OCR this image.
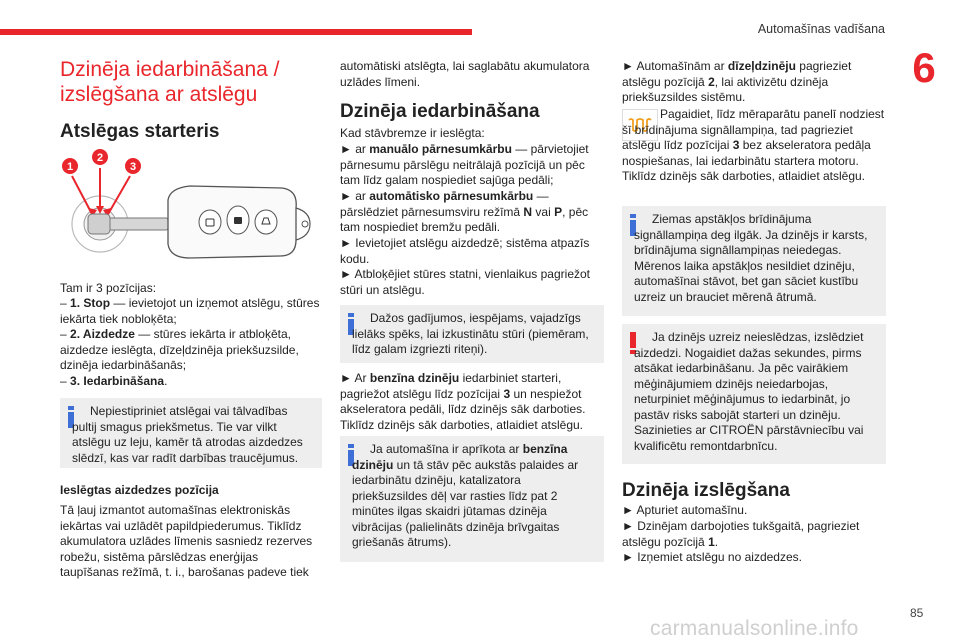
Automašīnas vadīšana
6
85
carmanualsonline.info
Dzinēja iedarbināšana /
izslēgšana ar atslēgu
Atslēgas starteris
1
2
3

Tam ir 3 pozīcijas:

– 1. Stop — ievietojot un izņemot atslēgu, stūres iekārta tiek nobloķēta;

– 2. Aizdedze — stūres iekārta ir atbloķēta, aizdedze ieslēgta, dīzeļdzinēja priekšuzsilde, dzinēja iedarbināšanās;

– 3. Iedarbināšana.

Nepiestipriniet atslēgai vai tālvadības pultij smagus priekšmetus. Tie var vilkt atslēgu uz leju, kamēr tā atrodas aizdedzes slēdzī, kas var radīt darbības traucējumus.

Ieslēgtas aizdedzes pozīcija

Tā ļauj izmantot automašīnas elektroniskās iekārtas vai uzlādēt papildpiederumus. Tiklīdz akumulatora uzlādes līmenis sasniedz rezerves robežu, sistēma pārslēdzas enerģijas taupīšanas režīmā, t. i., barošanas padeve tiek

automātiski atslēgta, lai saglabātu akumulatora uzlādes līmeni.

Dzinēja iedarbināšana

Kad stāvbremze ir ieslēgta:

► ar manuālo pārnesumkārbu — pārvietojiet pārnesumu pārslēgu neitrālajā pozīcijā un pēc tam līdz galam nospiediet sajūga pedāli;

► ar automātisko pārnesumkārbu — pārslēdziet pārnesumsviru režīmā N vai P, pēc tam nospiediet bremžu pedāli.

► Ievietojiet atslēgu aizdedzē; sistēma atpazīs kodu.

► Atbloķējiet stūres statni, vienlaikus pagriežot stūri un atslēgu.

Dažos gadījumos, iespējams, vajadzīgs lielāks spēks, lai izkustinātu stūri (piemēram, līdz galam izgriezti riteņi).

► Ar benzīna dzinēju iedarbiniet starteri, pagriežot atslēgu līdz pozīcijai 3 un nespiežot akseleratora pedāli, līdz dzinējs sāk darboties. Tiklīdz dzinējs sāk darboties, atlaidiet atslēgu.

Ja automašīna ir aprīkota ar benzīna dzinēju un tā stāv pēc aukstās palaides ar iedarbinātu dzinēju, katalizatora priekšuzsildes dēļ var rasties līdz pat 2 minūtes ilgas skaidri jūtamas dzinēja vibrācijas (palielināts dzinēja brīvgaitas griešanās ātrums).

► Automašīnām ar dīzeļdzinēju pagrieziet atslēgu pozīcijā 2, lai aktivizētu dzinēja priekšuzsildes sistēmu.

Pagaidiet, līdz mēraparātu panelī nodziest šī brīdinājuma signāllampiņa, tad pagrieziet atslēgu līdz pozīcijai 3 bez akseleratora pedāļa nospiešanas, lai iedarbinātu startera motoru. Tiklīdz dzinējs sāk darboties, atlaidiet atslēgu.

Ziemas apstākļos brīdinājuma signāllampiņa deg ilgāk. Ja dzinējs ir karsts, brīdinājuma signāllampiņas neiedegas. Mērenos laika apstākļos nesildiet dzinēju, automašīnai stāvot, bet gan sāciet kustību uzreiz un brauciet mērenā ātrumā.
Ja dzinējs uzreiz neieslēdzas, izslēdziet aizdedzi. Nogaidiet dažas sekundes, pirms atsākat iedarbināšanu. Ja pēc vairākiem mēģinājumiem dzinējs neiedarbojas, neturpiniet mēģinājumus to iedarbināt, jo pastāv risks sabojāt starteri un dzinēju. Sazinieties ar CITROËN pārstāvniecību vai kvalificētu remontdarbnīcu.
Dzinēja izslēgšana

► Apturiet automašīnu.

► Dzinējam darbojoties tukšgaitā, pagrieziet atslēgu pozīcijā 1.

► Izņemiet atslēgu no aizdedzes.
